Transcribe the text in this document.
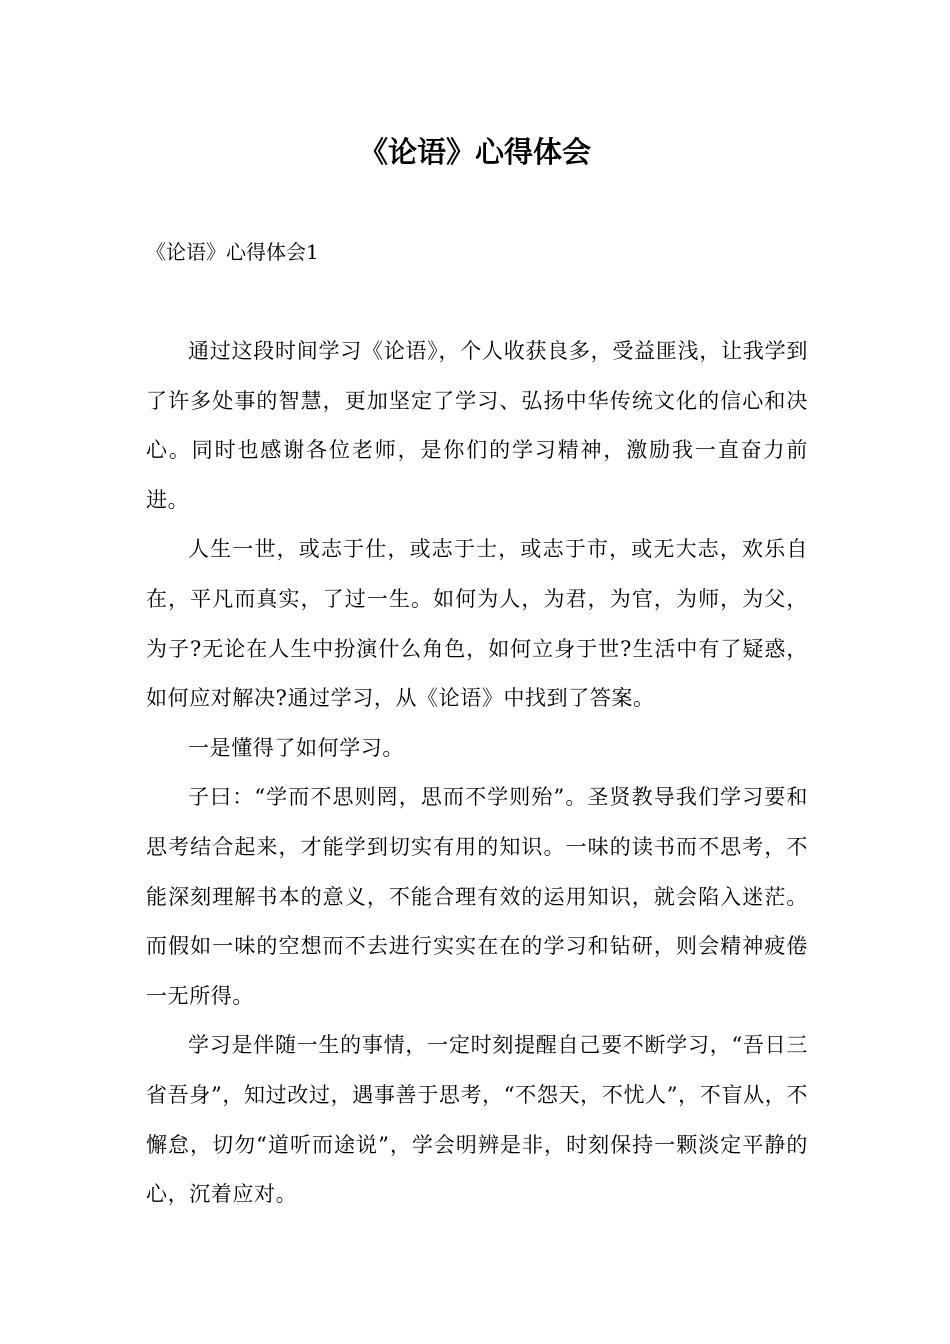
《论语》心得体会

《论语》心得体会1

通过这段时间学习《论语》，个人收获良多，受益匪浅，让我学到了许多处事的智慧，更加坚定了学习、弘扬中华传统文化的信心和决心。同时也感谢各位老师，是你们的学习精神，激励我一直奋力前进。

人生一世，或志于仕，或志于士，或志于市，或无大志，欢乐自在，平凡而真实，了过一生。如何为人，为君，为官，为师，为父，为子?无论在人生中扮演什么角色，如何立身于世?生活中有了疑惑，如何应对解决?通过学习，从《论语》中找到了答案。

一是懂得了如何学习。

子曰：“学而不思则罔，思而不学则殆”。圣贤教导我们学习要和思考结合起来，才能学到切实有用的知识。一味的读书而不思考，不能深刻理解书本的意义，不能合理有效的运用知识，就会陷入迷茫。而假如一味的空想而不去进行实实在在的学习和钻研，则会精神疲倦一无所得。

学习是伴随一生的事情，一定时刻提醒自己要不断学习，“吾日三省吾身”，知过改过，遇事善于思考，“不怨天，不忧人”，不盲从，不懈怠，切勿“道听而途说”，学会明辨是非，时刻保持一颗淡定平静的心，沉着应对。
